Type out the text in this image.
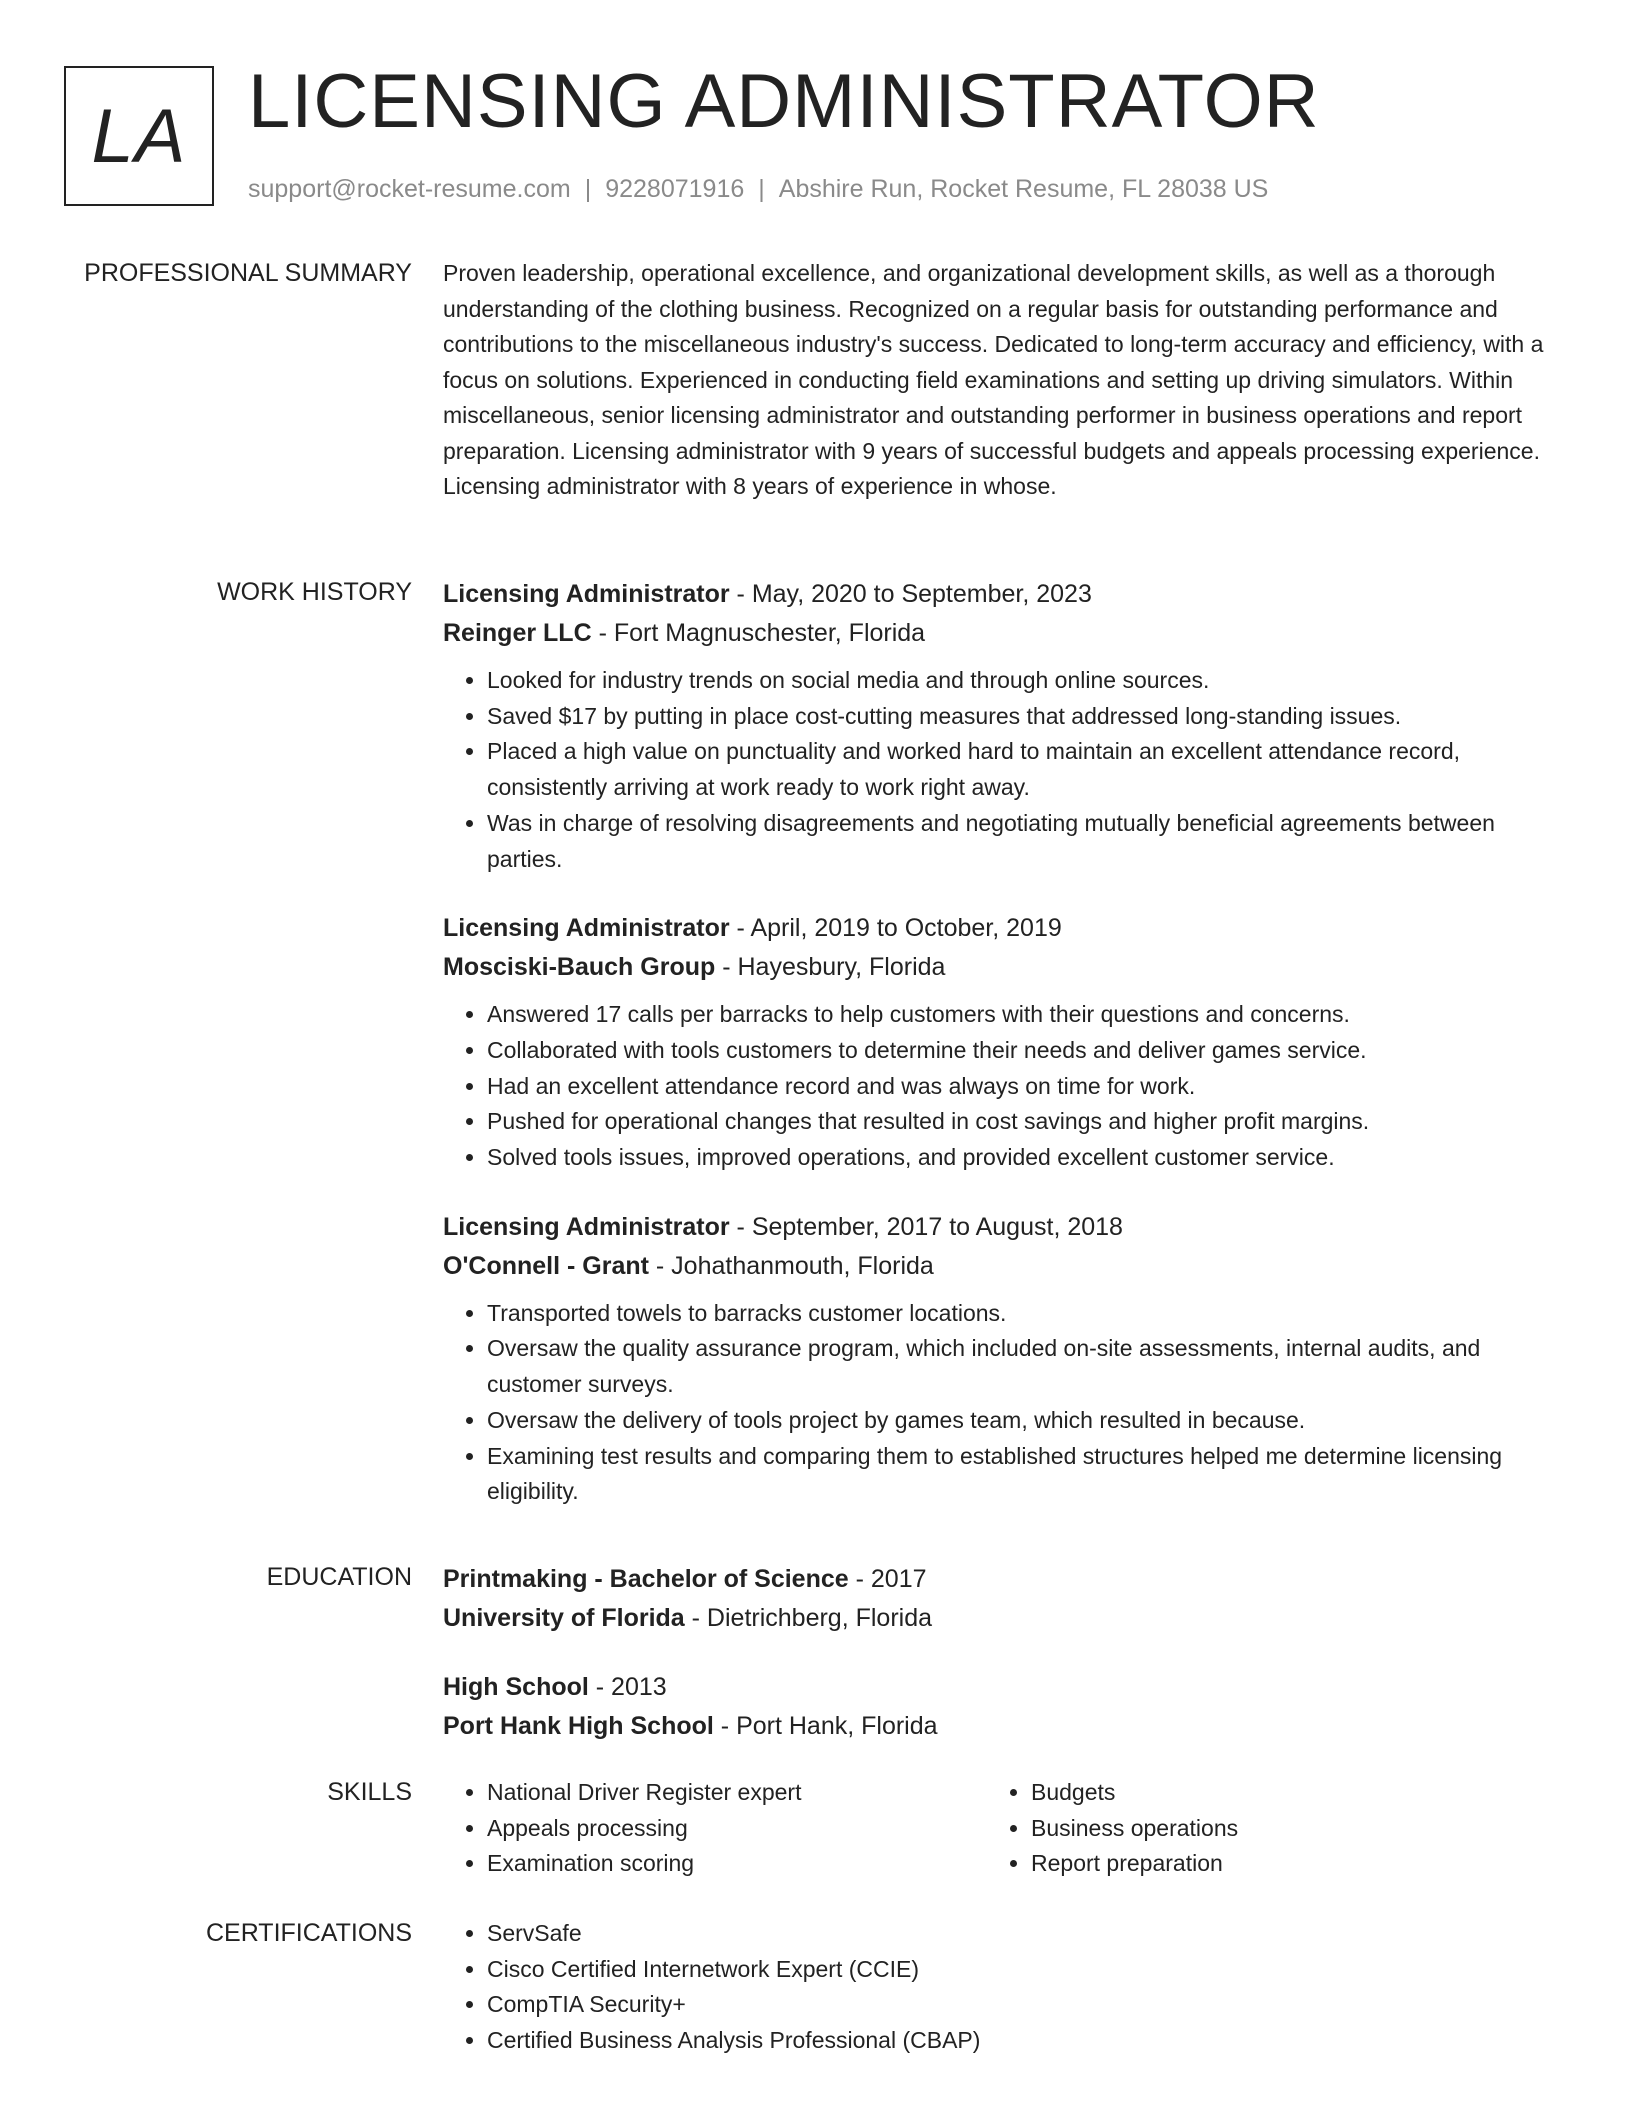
LA LICENSING ADMINISTRATOR
support@rocket-resume.com | 9228071916 | Abshire Run, Rocket Resume, FL 28038 US
PROFESSIONAL SUMMARY Proven leadership, operational excellence, and organizational development skills, as well as a thorough understanding of the clothing business. Recognized on a regular basis for outstanding performance and contributions to the miscellaneous industry's success. Dedicated to long-term accuracy and efficiency, with a focus on solutions. Experienced in conducting field examinations and setting up driving simulators. Within miscellaneous, senior licensing administrator and outstanding performer in business operations and report preparation. Licensing administrator with 9 years of successful budgets and appeals processing experience. Licensing administrator with 8 years of experience in whose.

WORK HISTORY Licensing Administrator - May, 2020 to September, 2023
Reinger LLC - Fort Magnuschester, Florida
• Looked for industry trends on social media and through online sources.
• Saved $17 by putting in place cost-cutting measures that addressed long-standing issues.
• Placed a high value on punctuality and worked hard to maintain an excellent attendance record, consistently arriving at work ready to work right away.
• Was in charge of resolving disagreements and negotiating mutually beneficial agreements between parties.
Licensing Administrator - April, 2019 to October, 2019
Mosciski-Bauch Group - Hayesbury, Florida
• Answered 17 calls per barracks to help customers with their questions and concerns.
• Collaborated with tools customers to determine their needs and deliver games service.
• Had an excellent attendance record and was always on time for work.
• Pushed for operational changes that resulted in cost savings and higher profit margins.
• Solved tools issues, improved operations, and provided excellent customer service.
Licensing Administrator - September, 2017 to August, 2018
O'Connell - Grant - Johathanmouth, Florida
• Transported towels to barracks customer locations.
• Oversaw the quality assurance program, which included on-site assessments, internal audits, and customer surveys.
• Oversaw the delivery of tools project by games team, which resulted in because.
• Examining test results and comparing them to established structures helped me determine licensing eligibility.
EDUCATION Printmaking - Bachelor of Science - 2017
University of Florida - Dietrichberg, Florida
High School - 2013
Port Hank High School - Port Hank, Florida
SKILLS	• National Driver Register expert
• Appeals processing
• Examination scoring
• Budgets
• Business operations
• Report preparation
CERTIFICATIONS	• ServSafe
• Cisco Certified Internetwork Expert (CCIE)
• CompTIA Security+
• Certified Business Analysis Professional (CBAP)
